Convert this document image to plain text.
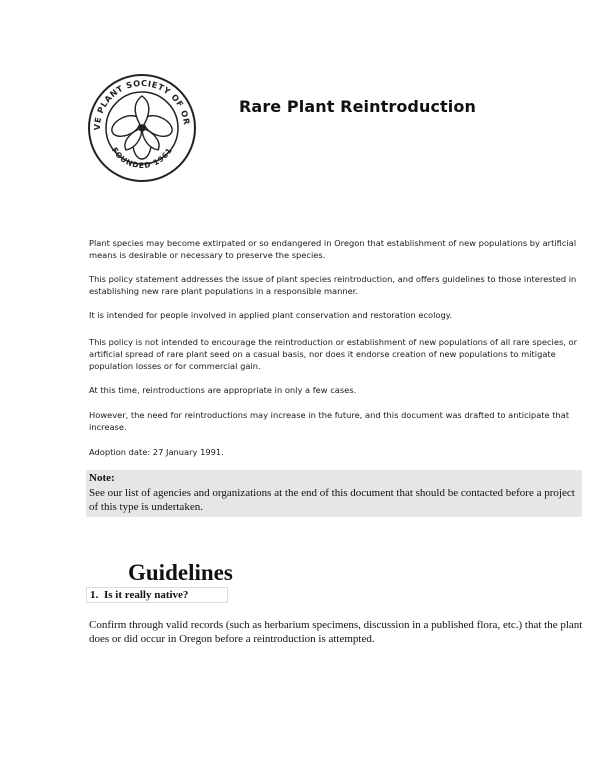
VE PLANT SOCIETY OF OR
FOUNDED 1961
Rare Plant Reintroduction

Plant species may become extirpated or so endangered in Oregon that establishment of new populations by artificial means is desirable or necessary to preserve the species.

This policy statement addresses the issue of plant species reintroduction, and offers guidelines to those interested in establishing new rare plant populations in a responsible manner.

It is intended for people involved in applied plant conservation and restoration ecology.

This policy is not intended to encourage the reintroduction or establishment of new populations of all rare species, or artificial spread of rare plant seed on a casual basis, nor does it endorse creation of new populations to mitigate population losses or for commercial gain.

At this time, reintroductions are appropriate in only a few cases.

However, the need for reintroductions may increase in the future, and this document was drafted to anticipate that increase.

Adoption date: 27 January 1991.

Note:

See our list of agencies and organizations at the end of this document that should be contacted before a project of this type is undertaken.

Guidelines
1. Is it really native?

Confirm through valid records (such as herbarium specimens, discussion in a published flora, etc.) that the plant does or did occur in Oregon before a reintroduction is attempted.
